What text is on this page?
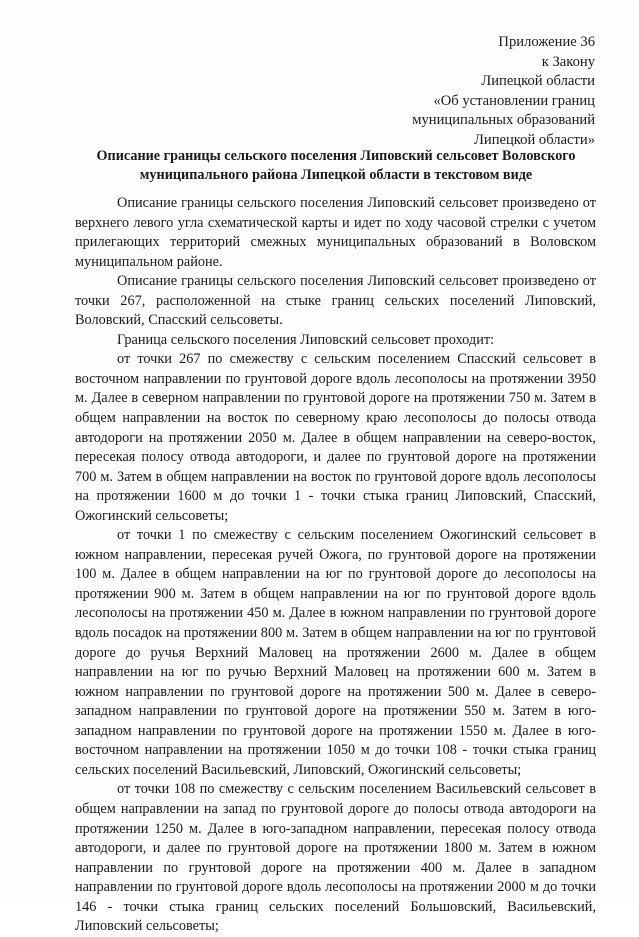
Приложение 36
к Закону
Липецкой области
«Об установлении границ
муниципальных образований
Липецкой области»
Описание границы сельского поселения Липовский сельсовет Воловского муниципального района Липецкой области в текстовом виде

Описание границы сельского поселения Липовский сельсовет произведено от верхнего левого угла схематической карты и идет по ходу часовой стрелки с учетом прилегающих территорий смежных муниципальных образований в Воловском муниципальном районе.

Описание границы сельского поселения Липовский сельсовет произведено от точки 267, расположенной на стыке границ сельских поселений Липовский, Воловский, Спасский сельсоветы.

Граница сельского поселения Липовский сельсовет проходит:

от точки 267 по смежеству с сельским поселением Спасский сельсовет в восточном направлении по грунтовой дороге вдоль лесополосы на протяжении 3950 м. Далее в северном направлении по грунтовой дороге на протяжении 750 м. Затем в общем направлении на восток по северному краю лесополосы до полосы отвода автодороги на протяжении 2050 м. Далее в общем направлении на северо-восток, пересекая полосу отвода автодороги, и далее по грунтовой дороге на протяжении 700 м. Затем в общем направлении на восток по грунтовой дороге вдоль лесополосы на протяжении 1600 м до точки 1 - точки стыка границ Липовский, Спасский, Ожогинский сельсоветы;

от точки 1 по смежеству с сельским поселением Ожогинский сельсовет в южном направлении, пересекая ручей Ожога, по грунтовой дороге на протяжении 100 м. Далее в общем направлении на юг по грунтовой дороге до лесополосы на протяжении 900 м. Затем в общем направлении на юг по грунтовой дороге вдоль лесополосы на протяжении 450 м. Далее в южном направлении по грунтовой дороге вдоль посадок на протяжении 800 м. Затем в общем направлении на юг по грунтовой дороге до ручья Верхний Маловец на протяжении 2600 м. Далее в общем направлении на юг по ручью Верхний Маловец на протяжении 600 м. Затем в южном направлении по грунтовой дороге на протяжении 500 м. Далее в северо-западном направлении по грунтовой дороге на протяжении 550 м. Затем в юго-западном направлении по грунтовой дороге на протяжении 1550 м. Далее в юго-восточном направлении на протяжении 1050 м до точки 108 - точки стыка границ сельских поселений Васильевский, Липовский, Ожогинский сельсоветы;

от точки 108 по смежеству с сельским поселением Васильевский сельсовет в общем направлении на запад по грунтовой дороге до полосы отвода автодороги на протяжении 1250 м. Далее в юго-западном направлении, пересекая полосу отвода автодороги, и далее по грунтовой дороге на протяжении 1800 м. Затем в южном направлении по грунтовой дороге на протяжении 400 м. Далее в западном направлении по грунтовой дороге вдоль лесополосы на протяжении 2000 м до точки 146 - точки стыка границ сельских поселений Большовский, Васильевский, Липовский сельсоветы;
